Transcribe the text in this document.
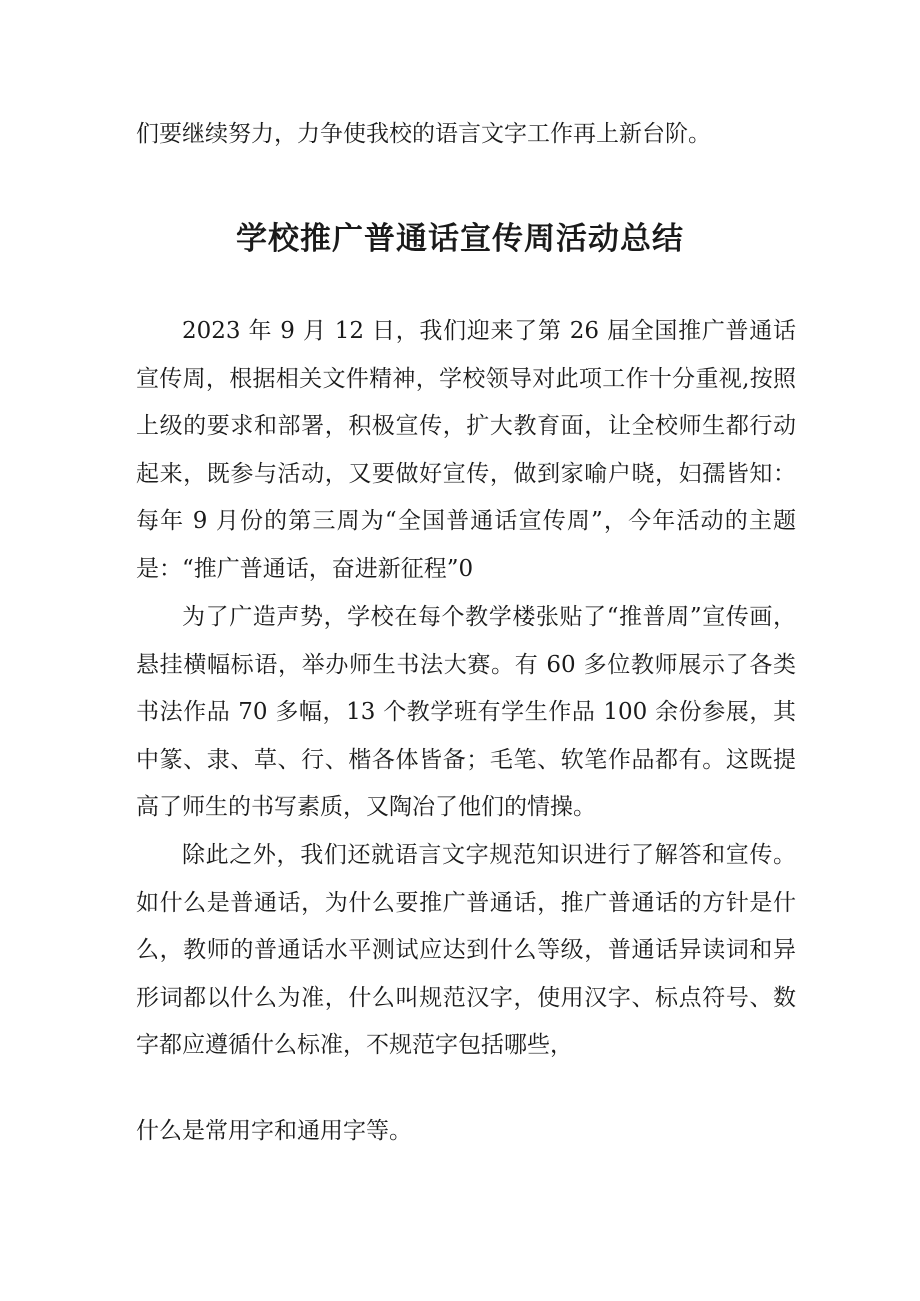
们要继续努力，力争使我校的语言文字工作再上新台阶。
学校推广普通话宣传周活动总结
2023 年 9 月 12 日，我们迎来了第 26 届全国推广普通话宣传周，根据相关文件精神，学校领导对此项工作十分重视,按照上级的要求和部署，积极宣传，扩大教育面，让全校师生都行动起来，既参与活动，又要做好宣传，做到家喻户晓，妇孺皆知：每年 9 月份的第三周为“全国普通话宣传周”，今年活动的主题是：“推广普通话，奋进新征程”0
为了广造声势，学校在每个教学楼张贴了“推普周”宣传画，悬挂横幅标语，举办师生书法大赛。有 60 多位教师展示了各类书法作品 70 多幅，13 个教学班有学生作品 100 余份参展，其中篆、隶、草、行、楷各体皆备；毛笔、软笔作品都有。这既提高了师生的书写素质，又陶冶了他们的情操。
除此之外，我们还就语言文字规范知识进行了解答和宣传。如什么是普通话，为什么要推广普通话，推广普通话的方针是什么，教师的普通话水平测试应达到什么等级，普通话异读词和异形词都以什么为准，什么叫规范汉字，使用汉字、标点符号、数字都应遵循什么标准，不规范字包括哪些，
什么是常用字和通用字等。
